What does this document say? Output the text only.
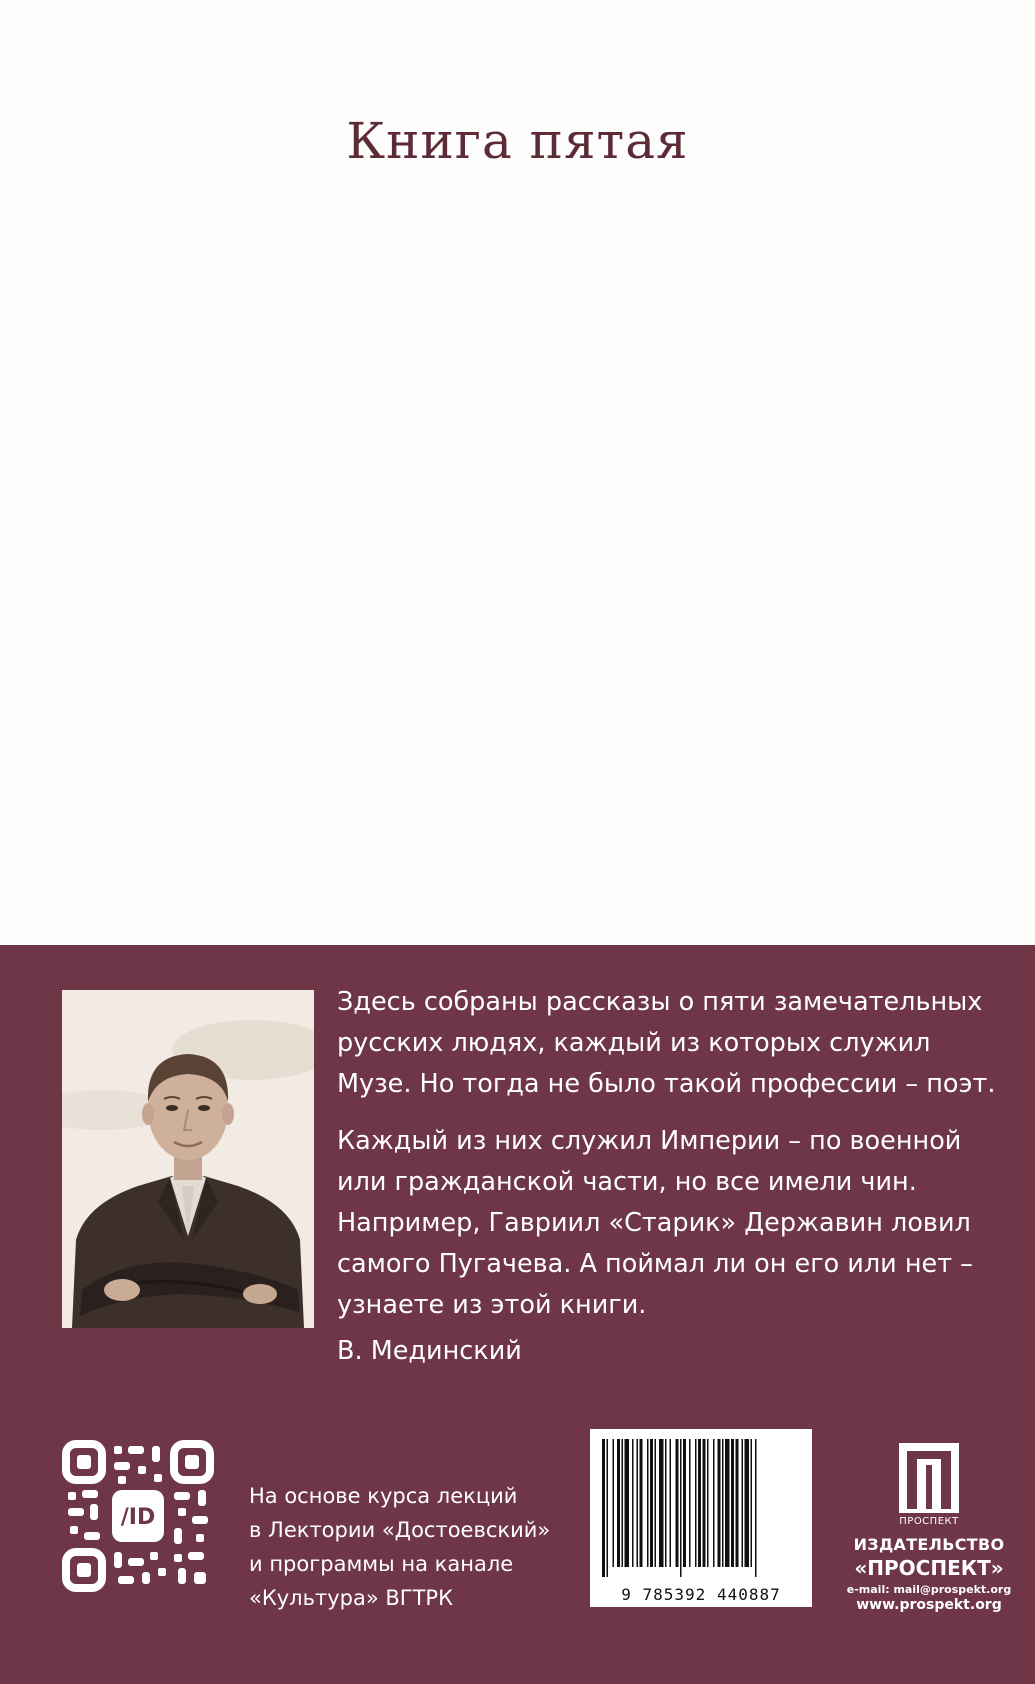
Книга пятая

Здесь собраны рассказы о пяти замечательных русских людях, каждый из которых служил Музе. Но тогда не было такой профессии – поэт.

Каждый из них служил Империи – по военной или гражданской части, но все имели чин. Например, Гавриил «Старик» Державин ловил самого Пугачева. А поймал ли он его или нет – узнаете из этой книги.

В. Мединский
/ID
На основе курса лекций
в Лектории «Достоевский»
и программы на канале
«Культура» ВГТРК	9 785392 440887
ПРОСПЕКТ
ИЗДАТЕЛЬСТВО
«ПРОСПЕКТ»
e-mail: mail@prospekt.org
www.prospekt.org
